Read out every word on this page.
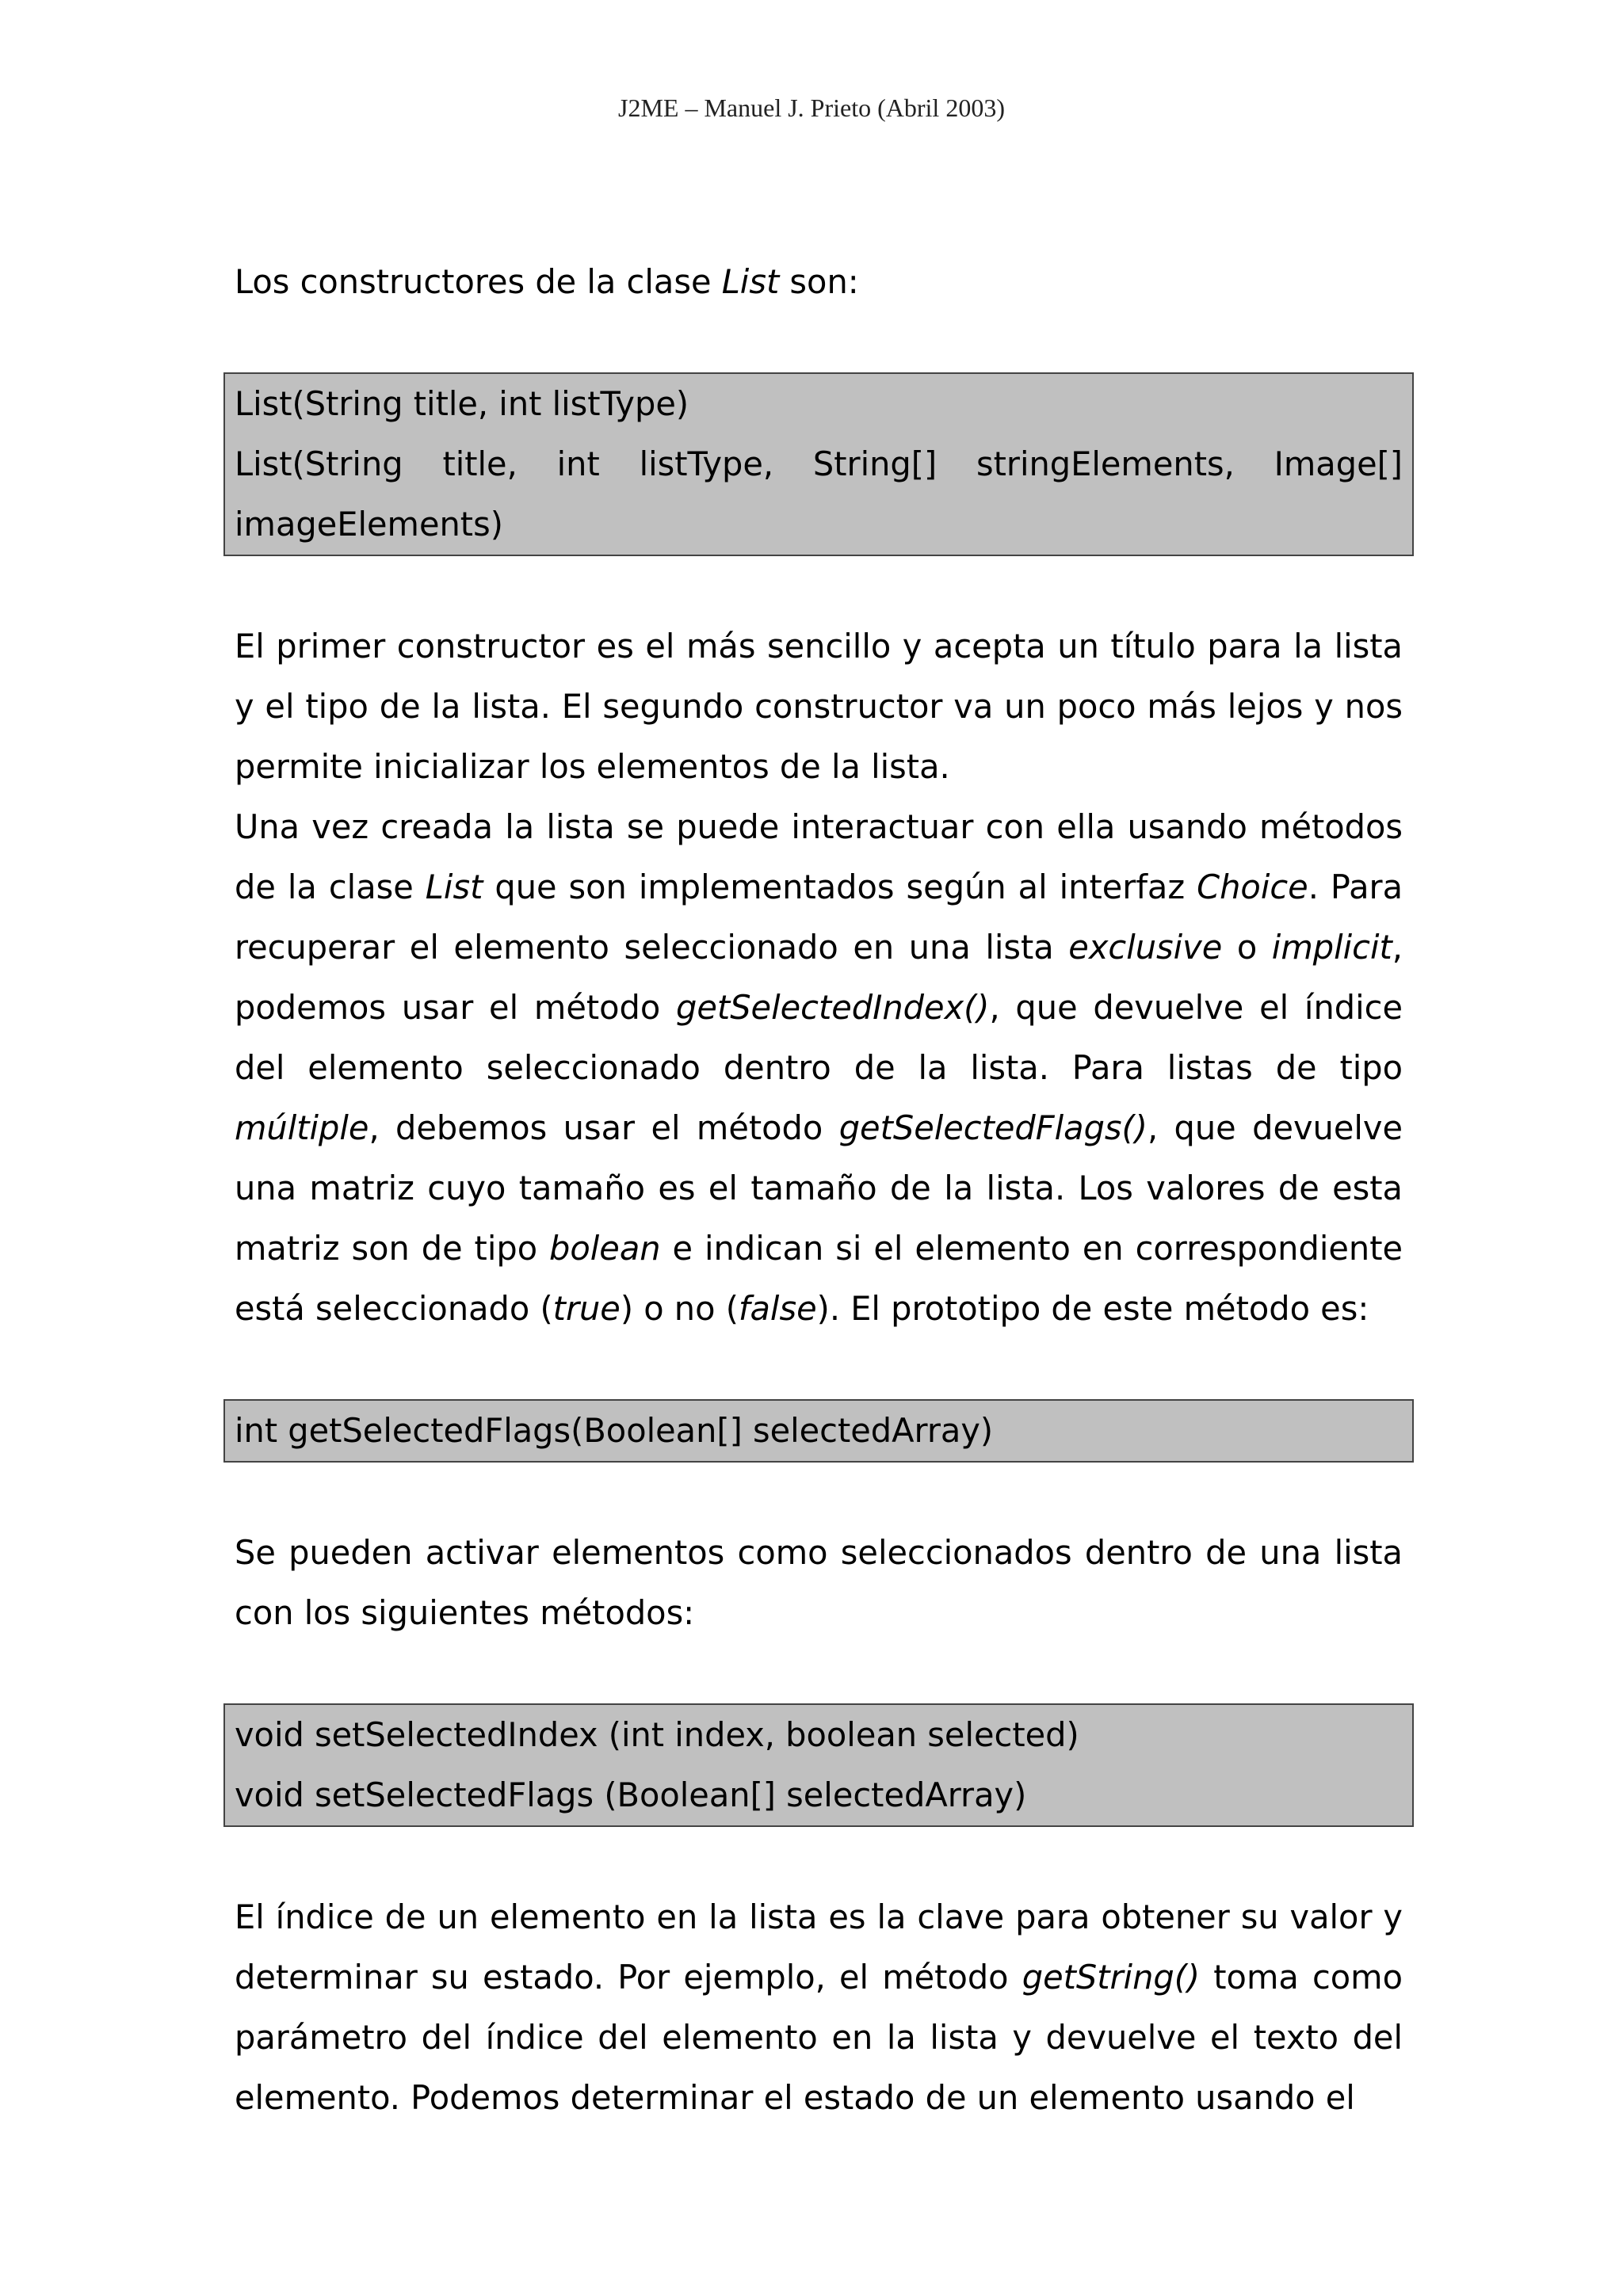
J2ME – Manuel J. Prieto (Abril 2003)

Los constructores de la clase List son:

List(String title, int listType)
List(String title, int listType, String[] stringElements, Image[]
imageElements)

El primer constructor es el más sencillo y acepta un título para la lista y el tipo de la lista. El segundo constructor va un poco más lejos y nos permite inicializar los elementos de la lista.

Una vez creada la lista se puede interactuar con ella usando métodos de la clase List que son implementados según al interfaz Choice. Para recuperar el elemento seleccionado en una lista exclusive o implicit, podemos usar el método getSelectedIndex(), que devuelve el índice del elemento seleccionado dentro de la lista. Para listas de tipo múltiple, debemos usar el método getSelectedFlags(), que devuelve una matriz cuyo tamaño es el tamaño de la lista. Los valores de esta matriz son de tipo bolean e indican si el elemento en correspondiente está seleccionado (true) o no (false). El prototipo de este método es:

int getSelectedFlags(Boolean[] selectedArray)

Se pueden activar elementos como seleccionados dentro de una lista con los siguientes métodos:

void setSelectedIndex (int index, boolean selected)
void setSelectedFlags (Boolean[] selectedArray)

El índice de un elemento en la lista es la clave para obtener su valor y determinar su estado. Por ejemplo, el método getString() toma como parámetro del índice del elemento en la lista y devuelve el texto del elemento. Podemos determinar el estado de un elemento usando el
